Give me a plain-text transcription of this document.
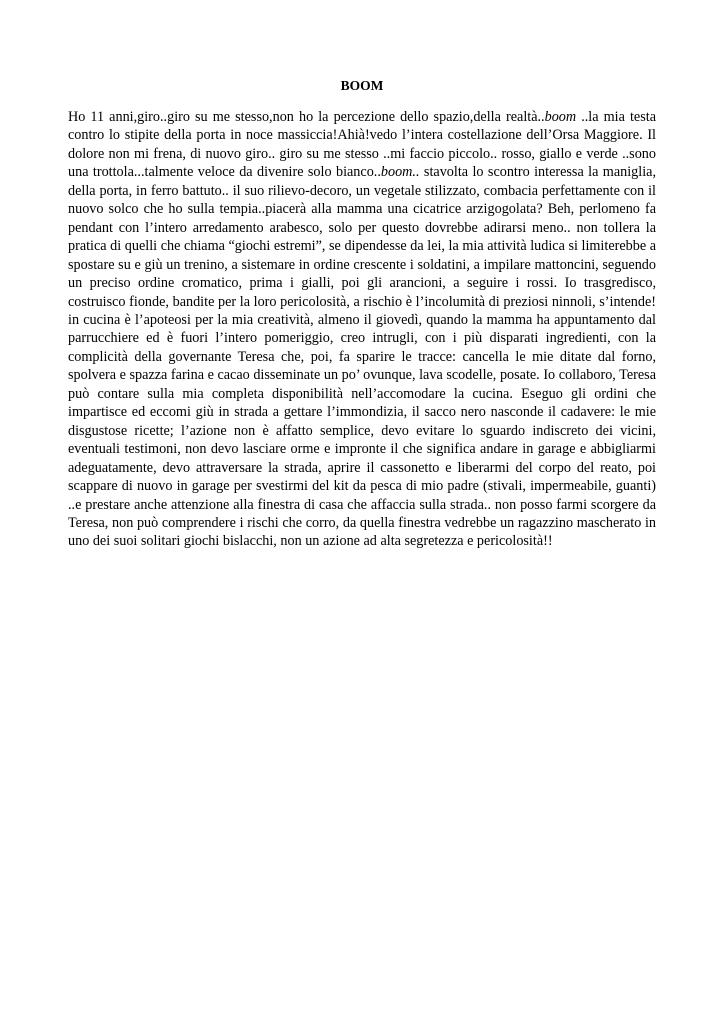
BOOM

Ho 11 anni,giro..giro su me stesso,non ho la percezione dello spazio,della realtà..boom ..la mia testa contro lo stipite della porta in noce massiccia!Ahià!vedo l’intera costellazione dell’Orsa Maggiore. Il dolore non mi frena, di nuovo giro.. giro su me stesso ..mi faccio piccolo.. rosso, giallo e verde ..sono una trottola...talmente veloce da divenire solo bianco..boom.. stavolta lo scontro interessa la maniglia, della porta, in ferro battuto.. il suo rilievo-decoro, un vegetale stilizzato, combacia perfettamente con il nuovo solco che ho sulla tempia..piacerà alla mamma una cicatrice arzigogolata? Beh, perlomeno fa pendant con l’intero arredamento arabesco, solo per questo dovrebbe adirarsi meno.. non tollera la pratica di quelli che chiama “giochi estremi”, se dipendesse da lei, la mia attività ludica si limiterebbe a spostare su e giù un trenino, a sistemare in ordine crescente i soldatini, a impilare mattoncini, seguendo un preciso ordine cromatico, prima i gialli, poi gli arancioni, a seguire i rossi. Io trasgredisco, costruisco fionde, bandite per la loro pericolosità, a rischio è l’incolumità di preziosi ninnoli, s’intende! in cucina è l’apoteosi per la mia creatività, almeno il giovedì, quando la mamma ha appuntamento dal parrucchiere ed è fuori l’intero pomeriggio, creo intrugli, con i più disparati ingredienti, con la complicità della governante Teresa che, poi, fa sparire le tracce: cancella le mie ditate dal forno, spolvera e spazza farina e cacao disseminate un po’ ovunque, lava scodelle, posate. Io collaboro, Teresa può contare sulla mia completa disponibilità nell’accomodare la cucina. Eseguo gli ordini che impartisce ed eccomi giù in strada a gettare l’immondizia, il sacco nero nasconde il cadavere: le mie disgustose ricette; l’azione non è affatto semplice, devo evitare lo sguardo indiscreto dei vicini, eventuali testimoni, non devo lasciare orme e impronte il che significa andare in garage e abbigliarmi adeguatamente, devo attraversare la strada, aprire il cassonetto e liberarmi del corpo del reato, poi scappare di nuovo in garage per svestirmi del kit da pesca di mio padre (stivali, impermeabile, guanti) ..e prestare anche attenzione alla finestra di casa che affaccia sulla strada.. non posso farmi scorgere da Teresa, non può comprendere i rischi che corro, da quella finestra vedrebbe un ragazzino mascherato in uno dei suoi solitari giochi bislacchi, non un azione ad alta segretezza e pericolosità!!
